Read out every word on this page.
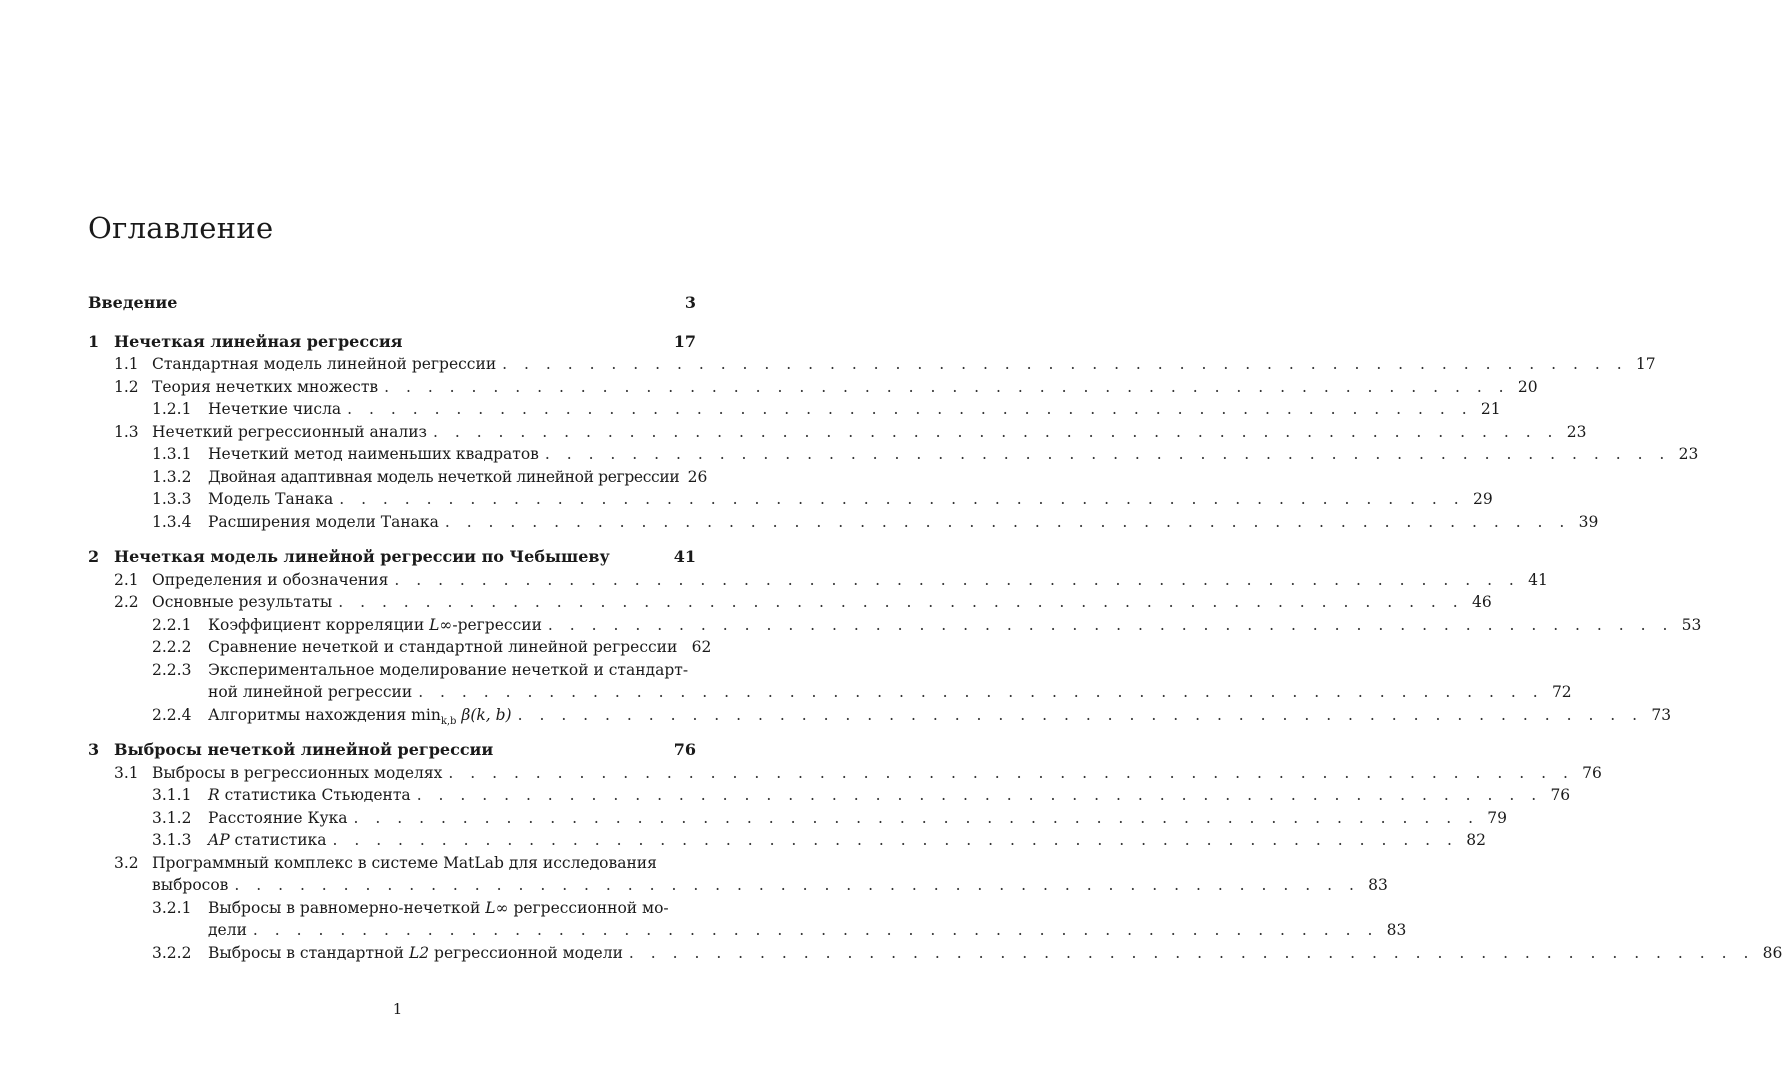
Оглавление
Введение	3
1 Нечеткая линейная регрессия	17
1.1 Стандартная модель линейной регрессии . . . . . . . . . . . . . . . . . . . . . . . . . . . . . . . . . . . . . . . . . . . . . . . . . . . . 17
1.2 Теория нечетких множеств . . . . . . . . . . . . . . . . . . . . . . . . . . . . . . . . . . . . . . . . . . . . . . . . . . . . 20
1.2.1	Нечеткие числа . . . . . . . . . . . . . . . . . . . . . . . . . . . . . . . . . . . . . . . . . . . . . . . . . . . . 21
1.3 Нечеткий регрессионный анализ . . . . . . . . . . . . . . . . . . . . . . . . . . . . . . . . . . . . . . . . . . . . . . . . . . . . 23
1.3.1	Нечеткий метод наименьших квадратов . . . . . . . . . . . . . . . . . . . . . . . . . . . . . . . . . . . . . . . . . . . . . . . . . . . . 23
1.3.2	Двойная адаптивная модель нечеткой линейной регрессии 26
1.3.3	Модель Танака . . . . . . . . . . . . . . . . . . . . . . . . . . . . . . . . . . . . . . . . . . . . . . . . . . . . 29
1.3.4	Расширения модели Танака . . . . . . . . . . . . . . . . . . . . . . . . . . . . . . . . . . . . . . . . . . . . . . . . . . . . 39
2 Нечеткая модель линейной регрессии по Чебышеву	41
2.1 Определения и обозначения . . . . . . . . . . . . . . . . . . . . . . . . . . . . . . . . . . . . . . . . . . . . . . . . . . . . 41
2.2 Основные результаты . . . . . . . . . . . . . . . . . . . . . . . . . . . . . . . . . . . . . . . . . . . . . . . . . . . . 46
2.2.1	Коэффициент корреляции L∞-регрессии . . . . . . . . . . . . . . . . . . . . . . . . . . . . . . . . . . . . . . . . . . . . . . . . . . . . 53
2.2.2	Сравнение нечеткой и стандартной линейной регрессии 62
2.2.3	Экспериментальное моделирование нечеткой и стандарт-
ной линейной регрессии . . . . . . . . . . . . . . . . . . . . . . . . . . . . . . . . . . . . . . . . . . . . . . . . . . . . 72
2.2.4	Алгоритмы нахождения $\min_{k,b} \beta(k$, b) . . . . . . . . . . . . . . . . . . . . . . . . . . . . . . . . . . . . . . . . . . . . . . . . . . . . 73
3 Выбросы нечеткой линейной регрессии	76
3.1 Выбросы в регрессионных моделях . . . . . . . . . . . . . . . . . . . . . . . . . . . . . . . . . . . . . . . . . . . . . . . . . . . . 76
3.1.1	R статистика Стьюдента . . . . . . . . . . . . . . . . . . . . . . . . . . . . . . . . . . . . . . . . . . . . . . . . . . . . 76
3.1.2	Расстояние Кука . . . . . . . . . . . . . . . . . . . . . . . . . . . . . . . . . . . . . . . . . . . . . . . . . . . . 79
3.1.3	AP статистика . . . . . . . . . . . . . . . . . . . . . . . . . . . . . . . . . . . . . . . . . . . . . . . . . . . . 82
3.2 Программный комплекс в системе MatLab для исследования
выбросов . . . . . . . . . . . . . . . . . . . . . . . . . . . . . . . . . . . . . . . . . . . . . . . . . . . . 83
3.2.1	Выбросы в равномерно-нечеткой L∞ регрессионной мо-
дели . . . . . . . . . . . . . . . . . . . . . . . . . . . . . . . . . . . . . . . . . . . . . . . . . . . . 83
3.2.2	Выбросы в стандартной L2 регрессионной модели . . . . . . . . . . . . . . . . . . . . . . . . . . . . . . . . . . . . . . . . . . . . . . . . . . . . 86
1
